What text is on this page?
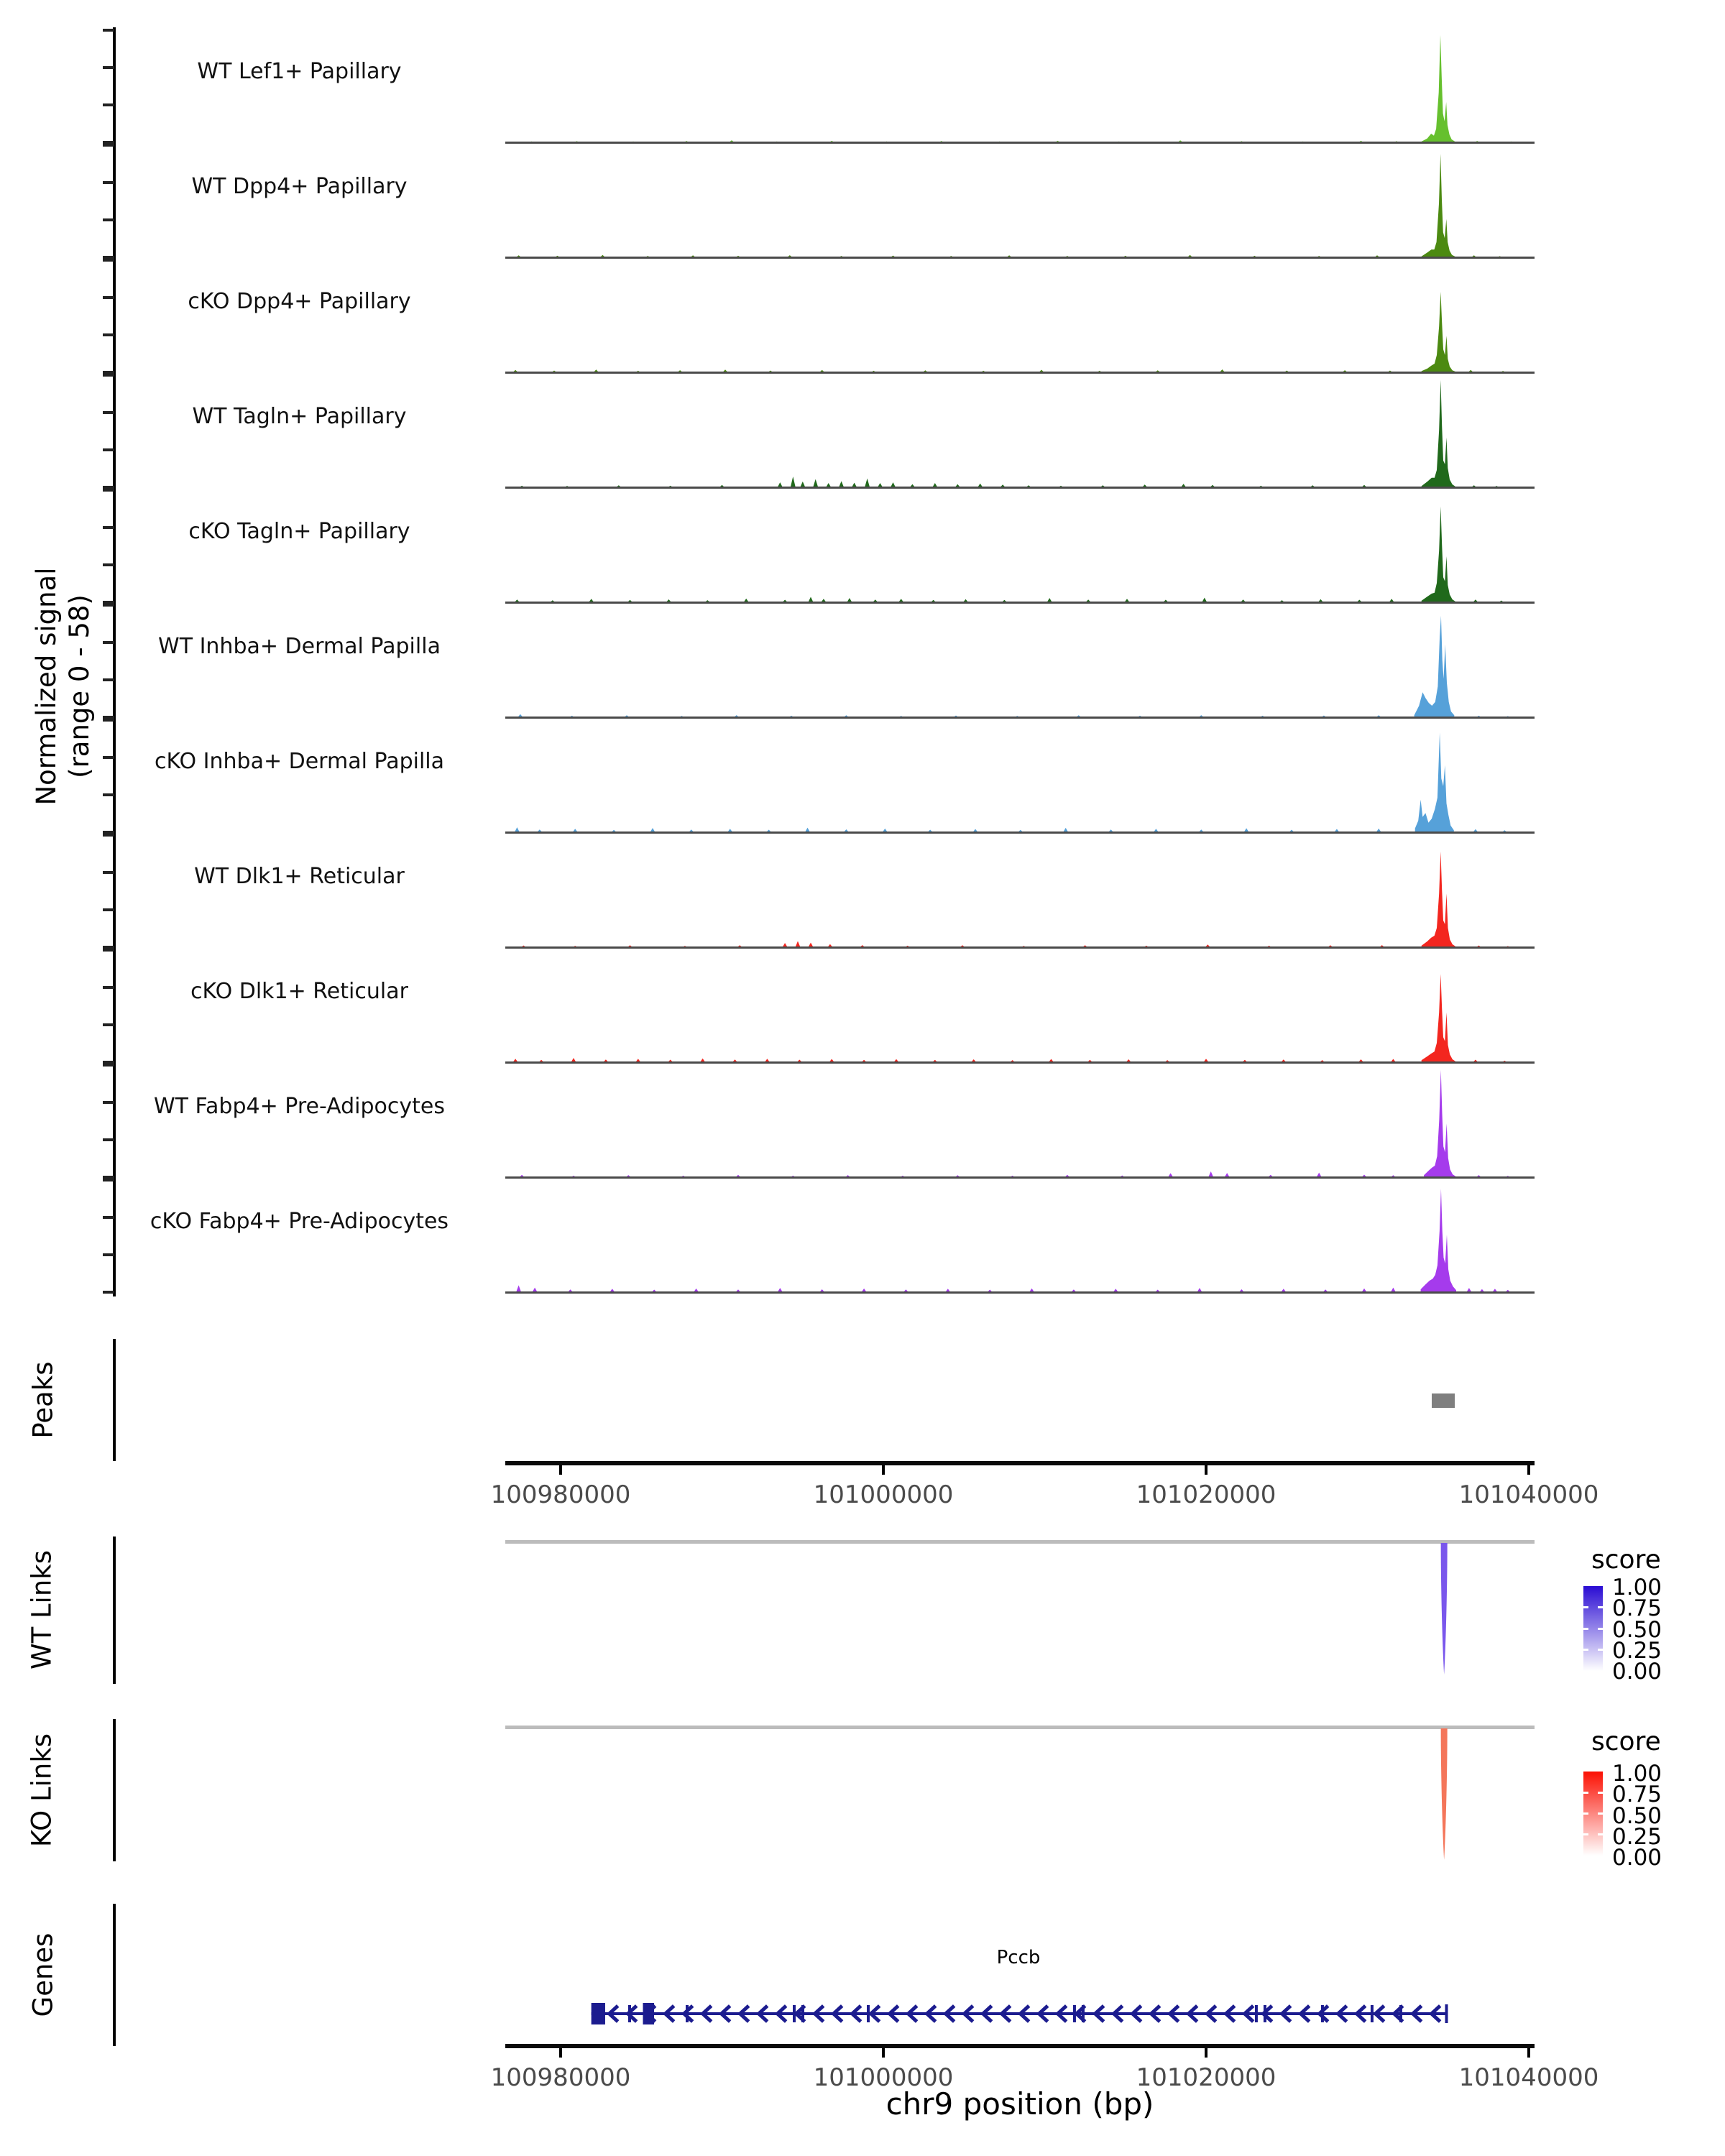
Normalized signal (range 0 - 58)
Peaks
WT Links
KO Links
Genes
score
1.00
0.75
0.50
0.25
0.00
score
1.00
0.75
0.50
0.25
0.00
Pccb
chr9 position (bp)
WT Lef1+ Papillary
WT Dpp4+ Papillary
cKO Dpp4+ Papillary
WT Tagln+ Papillary
cKO Tagln+ Papillary
WT Inhba+ Dermal Papilla
cKO Inhba+ Dermal Papilla
WT Dlk1+ Reticular
cKO Dlk1+ Reticular
WT Fabp4+ Pre-Adipocytes
cKO Fabp4+ Pre-Adipocytes
100980000	101000000	101020000	101040000
100980000	101000000	101020000	101040000
